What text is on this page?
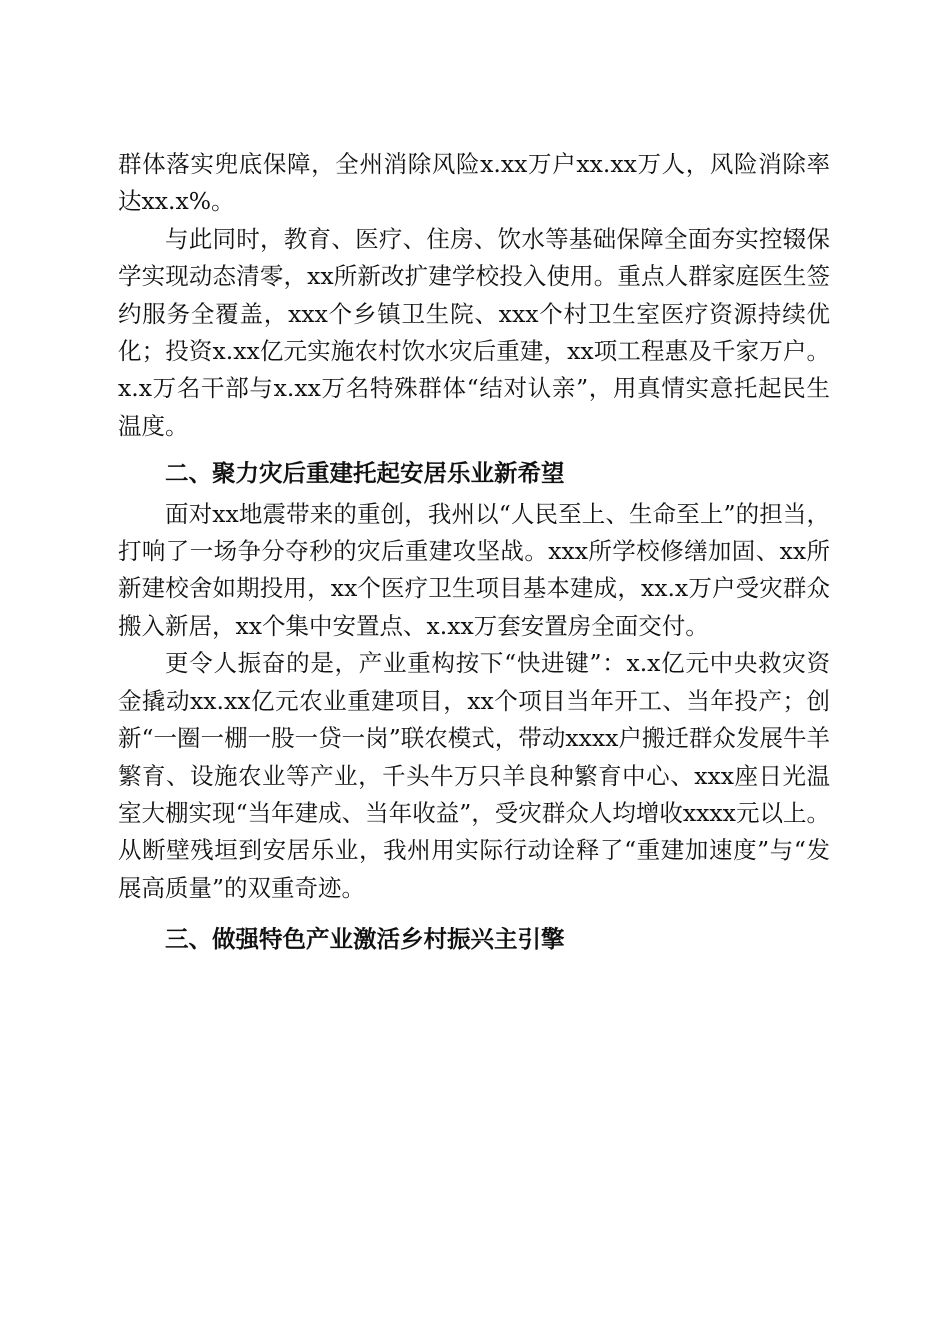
群体落实兜底保障，全州消除风险x.xx万户xx.xx万人，风险消除率达xx.x%。

与此同时，教育、医疗、住房、饮水等基础保障全面夯实控辍保学实现动态清零，xx所新改扩建学校投入使用。重点人群家庭医生签约服务全覆盖，xxx个乡镇卫生院、xxx个村卫生室医疗资源持续优化；投资x.xx亿元实施农村饮水灾后重建，xx项工程惠及千家万户。x.x万名干部与x.xx万名特殊群体“结对认亲”，用真情实意托起民生温度。

二、聚力灾后重建托起安居乐业新希望

面对xx地震带来的重创，我州以“人民至上、生命至上”的担当，打响了一场争分夺秒的灾后重建攻坚战。xxx所学校修缮加固、xx所新建校舍如期投用，xx个医疗卫生项目基本建成，xx.x万户受灾群众搬入新居，xx个集中安置点、x.xx万套安置房全面交付。

更令人振奋的是，产业重构按下“快进键”：x.x亿元中央救灾资金撬动xx.xx亿元农业重建项目，xx个项目当年开工、当年投产；创新“一圈一棚一股一贷一岗”联农模式，带动xxxx户搬迁群众发展牛羊繁育、设施农业等产业，千头牛万只羊良种繁育中心、xxx座日光温室大棚实现“当年建成、当年收益”，受灾群众人均增收xxxx元以上。从断壁残垣到安居乐业，我州用实际行动诠释了“重建加速度”与“发展高质量”的双重奇迹。

三、做强特色产业激活乡村振兴主引擎
